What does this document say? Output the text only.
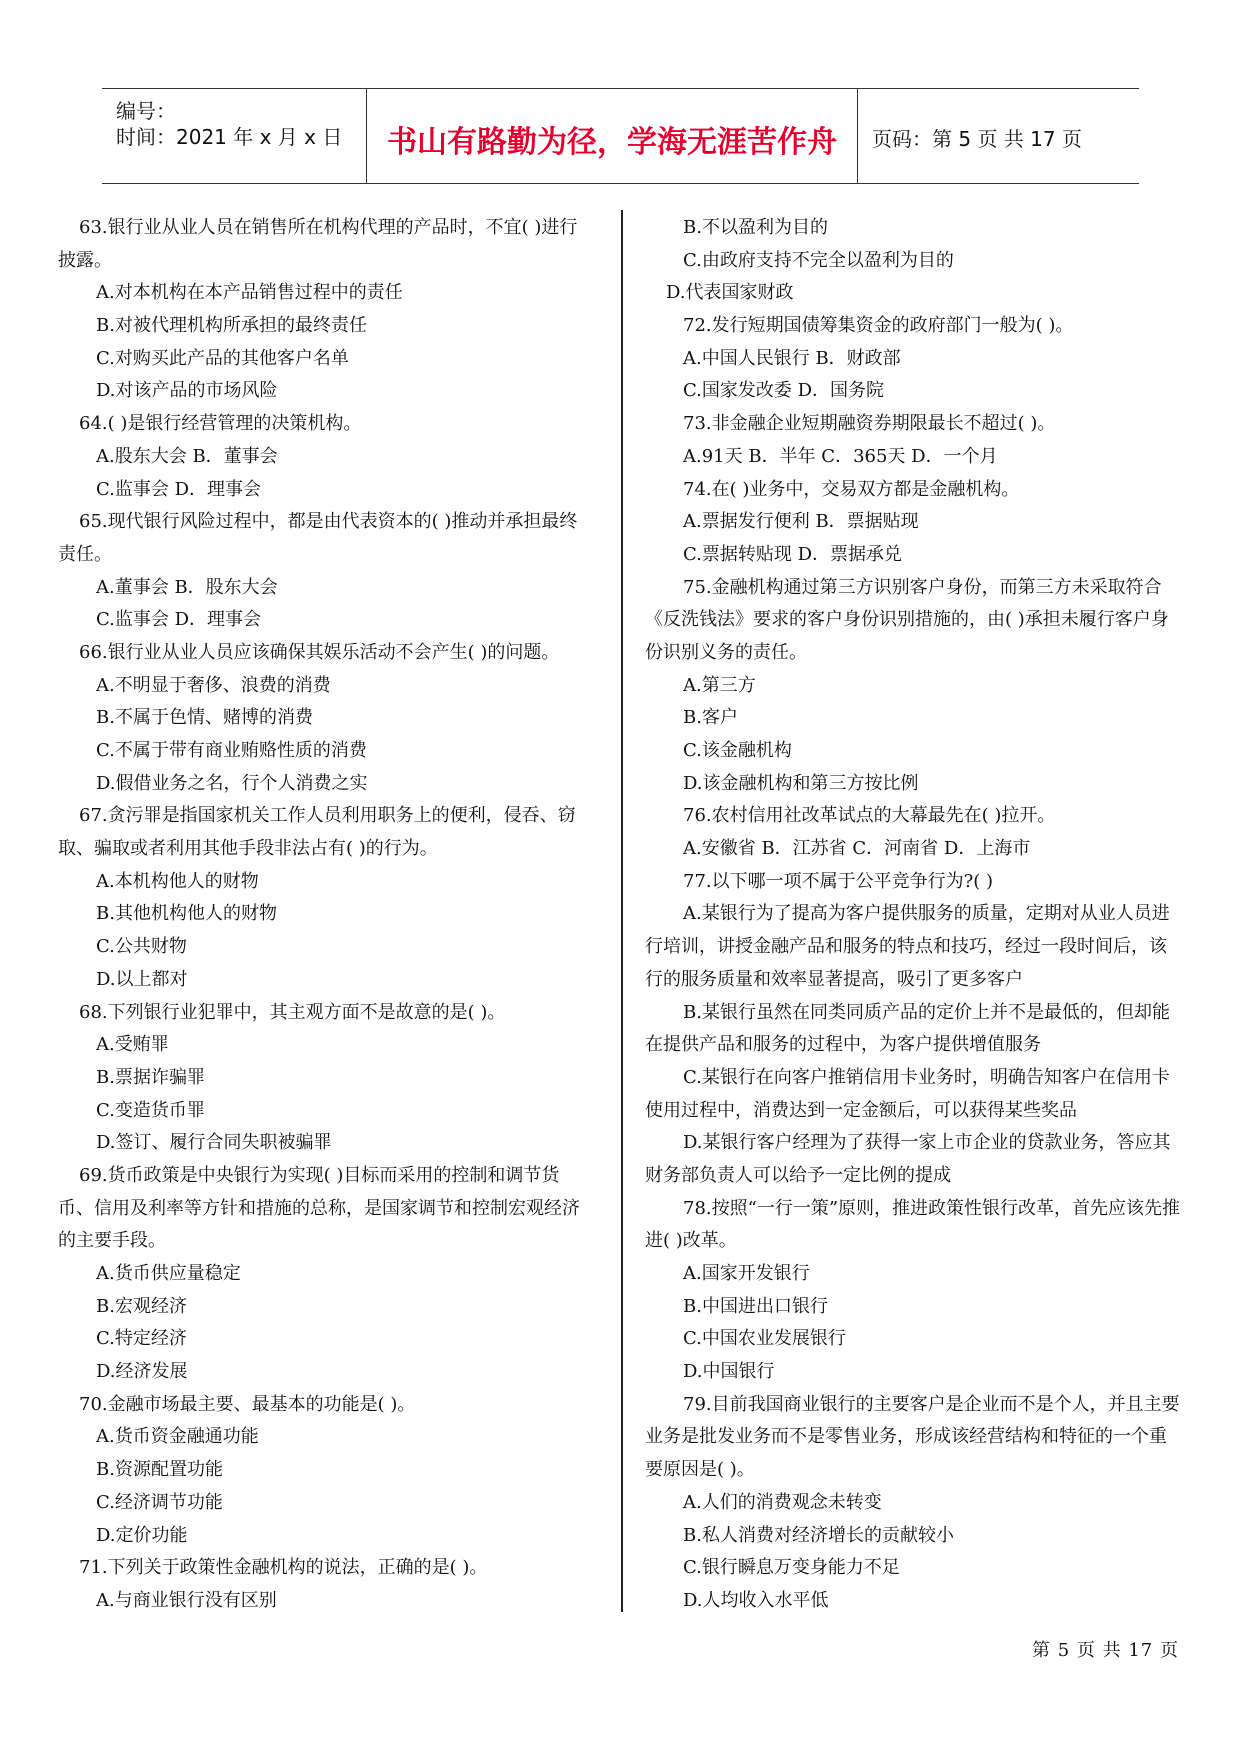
编号：
时间：2021 年 x 月 x 日	书山有路勤为径，学海无涯苦作舟	页码：第 5 页 共 17 页
63.银行业从业人员在销售所在机构代理的产品时，不宜( )进行
披露。
A.对本机构在本产品销售过程中的责任
B.对被代理机构所承担的最终责任
C.对购买此产品的其他客户名单
D.对该产品的市场风险
64.( )是银行经营管理的决策机构。
A.股东大会 B．董事会
C.监事会 D．理事会
65.现代银行风险过程中，都是由代表资本的( )推动并承担最终
责任。
A.董事会 B．股东大会
C.监事会 D．理事会
66.银行业从业人员应该确保其娱乐活动不会产生( )的问题。
A.不明显于奢侈、浪费的消费
B.不属于色情、赌博的消费
C.不属于带有商业贿赂性质的消费
D.假借业务之名，行个人消费之实
67.贪污罪是指国家机关工作人员利用职务上的便利，侵吞、窃
取、骗取或者利用其他手段非法占有( )的行为。
A.本机构他人的财物
B.其他机构他人的财物
C.公共财物
D.以上都对
68.下列银行业犯罪中，其主观方面不是故意的是( )。
A.受贿罪
B.票据诈骗罪
C.变造货币罪
D.签订、履行合同失职被骗罪
69.货币政策是中央银行为实现( )目标而采用的控制和调节货
币、信用及利率等方针和措施的总称，是国家调节和控制宏观经济
的主要手段。
A.货币供应量稳定
B.宏观经济
C.特定经济
D.经济发展
70.金融市场最主要、最基本的功能是( )。
A.货币资金融通功能
B.资源配置功能
C.经济调节功能
D.定价功能
71.下列关于政策性金融机构的说法，正确的是( )。
A.与商业银行没有区别
B.不以盈利为目的
C.由政府支持不完全以盈利为目的
D.代表国家财政
72.发行短期国债筹集资金的政府部门一般为( )。
A.中国人民银行 B．财政部
C.国家发改委 D．国务院
73.非金融企业短期融资券期限最长不超过( )。
A.91天 B．半年 C．365天 D．一个月
74.在( )业务中，交易双方都是金融机构。
A.票据发行便利 B．票据贴现
C.票据转贴现 D．票据承兑
75.金融机构通过第三方识别客户身份，而第三方未采取符合
《反洗钱法》要求的客户身份识别措施的，由( )承担未履行客户身
份识别义务的责任。
A.第三方
B.客户
C.该金融机构
D.该金融机构和第三方按比例
76.农村信用社改革试点的大幕最先在( )拉开。
A.安徽省 B．江苏省 C．河南省 D．上海市
77.以下哪一项不属于公平竞争行为?( )
A.某银行为了提高为客户提供服务的质量，定期对从业人员进
行培训，讲授金融产品和服务的特点和技巧，经过一段时间后，该
行的服务质量和效率显著提高，吸引了更多客户
B.某银行虽然在同类同质产品的定价上并不是最低的，但却能
在提供产品和服务的过程中，为客户提供增值服务
C.某银行在向客户推销信用卡业务时，明确告知客户在信用卡
使用过程中，消费达到一定金额后，可以获得某些奖品
D.某银行客户经理为了获得一家上市企业的贷款业务，答应其
财务部负责人可以给予一定比例的提成
78.按照“一行一策”原则，推进政策性银行改革，首先应该先推
进( )改革。
A.国家开发银行
B.中国进出口银行
C.中国农业发展银行
D.中国银行
79.目前我国商业银行的主要客户是企业而不是个人，并且主要
业务是批发业务而不是零售业务，形成该经营结构和特征的一个重
要原因是( )。
A.人们的消费观念未转变
B.私人消费对经济增长的贡献较小
C.银行瞬息万变身能力不足
D.人均收入水平低
第 5 页 共 17 页
